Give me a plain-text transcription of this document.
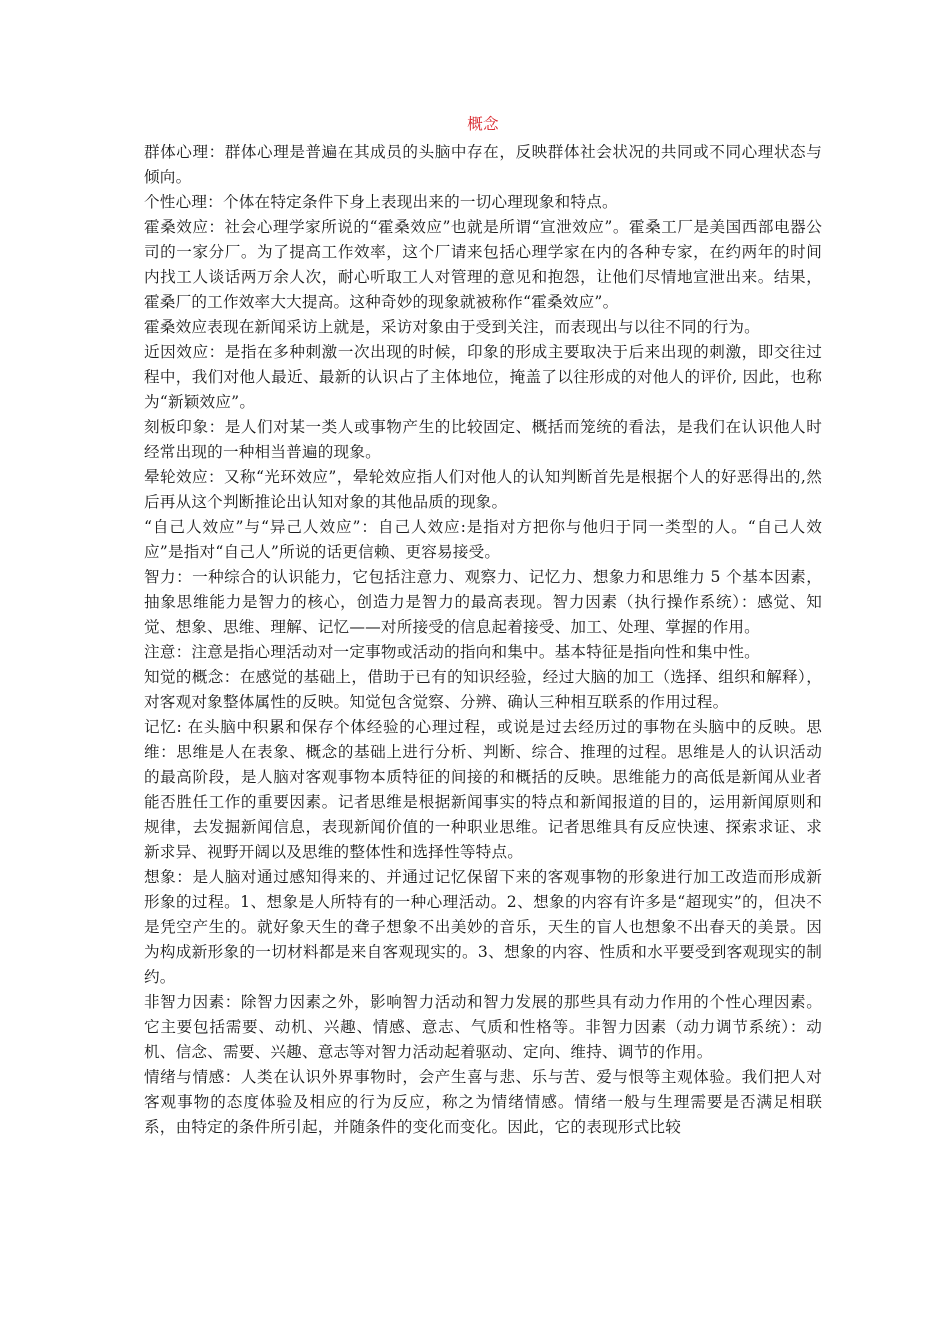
概念

群体心理：群体心理是普遍在其成员的头脑中存在，反映群体社会状况的共同或不同心理状态与倾向。

个性心理：个体在特定条件下身上表现出来的一切心理现象和特点。

霍桑效应：社会心理学家所说的“霍桑效应”也就是所谓“宣泄效应”。霍桑工厂是美国西部电器公司的一家分厂。为了提高工作效率，这个厂请来包括心理学家在内的各种专家，在约两年的时间内找工人谈话两万余人次，耐心听取工人对管理的意见和抱怨，让他们尽情地宣泄出来。结果，霍桑厂的工作效率大大提高。这种奇妙的现象就被称作“霍桑效应”。

霍桑效应表现在新闻采访上就是，采访对象由于受到关注，而表现出与以往不同的行为。

近因效应：是指在多种刺激一次出现的时候，印象的形成主要取决于后来出现的刺激，即交往过程中，我们对他人最近、最新的认识占了主体地位，掩盖了以往形成的对他人的评价, 因此，也称为“新颖效应”。

刻板印象：是人们对某一类人或事物产生的比较固定、概括而笼统的看法，是我们在认识他人时经常出现的一种相当普遍的现象。

晕轮效应：又称“光环效应”，晕轮效应指人们对他人的认知判断首先是根据个人的好恶得出的,然后再从这个判断推论出认知对象的其他品质的现象。

“自己人效应”与“异己人效应”：自己人效应:是指对方把你与他归于同一类型的人。“自己人效应”是指对“自己人”所说的话更信赖、更容易接受。

智力：一种综合的认识能力，它包括注意力、观察力、记忆力、想象力和思维力 5 个基本因素，抽象思维能力是智力的核心，创造力是智力的最高表现。智力因素（执行操作系统）：感觉、知觉、想象、思维、理解、记忆——对所接受的信息起着接受、加工、处理、掌握的作用。

注意：注意是指心理活动对一定事物或活动的指向和集中。基本特征是指向性和集中性。

知觉的概念：在感觉的基础上，借助于已有的知识经验，经过大脑的加工（选择、组织和解释），对客观对象整体属性的反映。知觉包含觉察、分辨、确认三种相互联系的作用过程。

记忆: 在头脑中积累和保存个体经验的心理过程，或说是过去经历过的事物在头脑中的反映。思维：思维是人在表象、概念的基础上进行分析、判断、综合、推理的过程。思维是人的认识活动的最高阶段，是人脑对客观事物本质特征的间接的和概括的反映。思维能力的高低是新闻从业者能否胜任工作的重要因素。记者思维是根据新闻事实的特点和新闻报道的目的，运用新闻原则和规律，去发掘新闻信息，表现新闻价值的一种职业思维。记者思维具有反应快速、探索求证、求新求异、视野开阔以及思维的整体性和选择性等特点。

想象：是人脑对通过感知得来的、并通过记忆保留下来的客观事物的形象进行加工改造而形成新形象的过程。1、想象是人所特有的一种心理活动。2、想象的内容有许多是“超现实”的，但决不是凭空产生的。就好象天生的聋子想象不出美妙的音乐，天生的盲人也想象不出春天的美景。因为构成新形象的一切材料都是来自客观现实的。3、想象的内容、性质和水平要受到客观现实的制约。

非智力因素：除智力因素之外，影响智力活动和智力发展的那些具有动力作用的个性心理因素。它主要包括需要、动机、兴趣、情感、意志、气质和性格等。非智力因素（动力调节系统）：动机、信念、需要、兴趣、意志等对智力活动起着驱动、定向、维持、调节的作用。

情绪与情感：人类在认识外界事物时，会产生喜与悲、乐与苦、爱与恨等主观体验。我们把人对客观事物的态度体验及相应的行为反应，称之为情绪情感。情绪一般与生理需要是否满足相联系，由特定的条件所引起，并随条件的变化而变化。因此，它的表现形式比较
